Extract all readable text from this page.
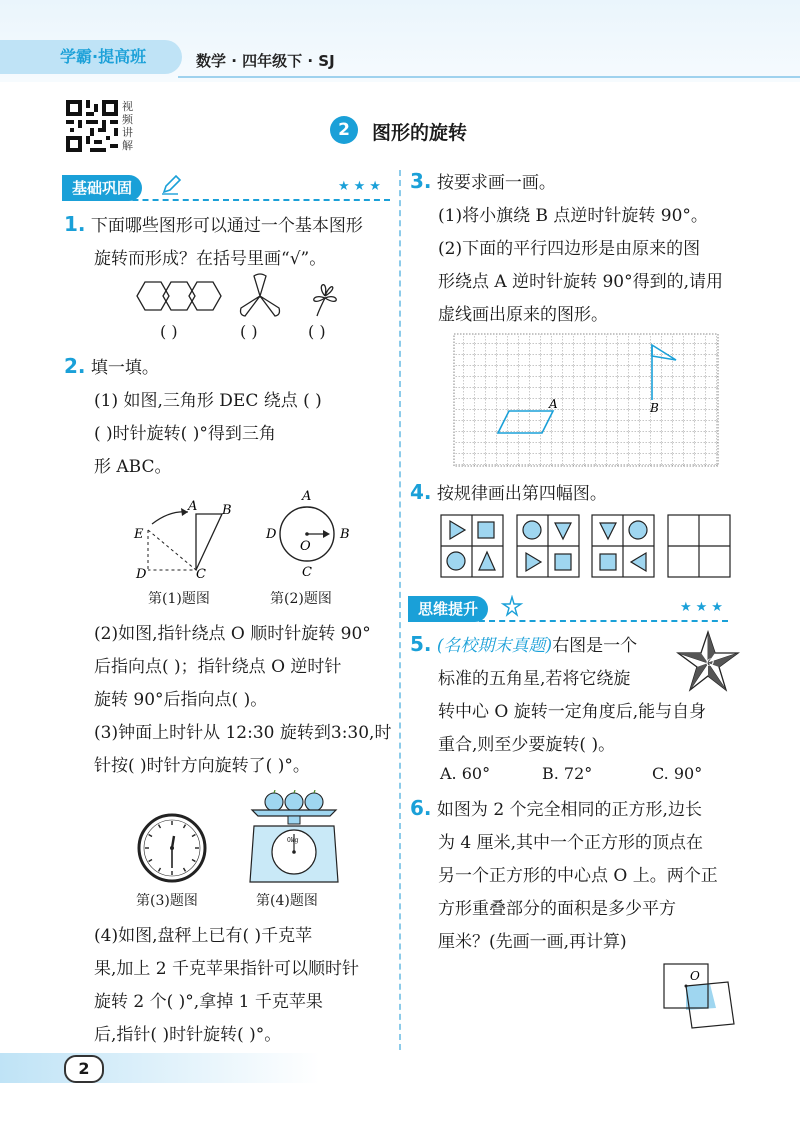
学霸·提高班	数学 · 四年级下 · SJ
视频讲解
2	图形的旋转
基础巩固	★★★
1. 下面哪些图形可以通过一个基本图形
旋转而形成？在括号里画“√”。
( )	( )	( )
2. 填一填。
(1) 如图,三角形 DEC 绕点 ( )
( )时针旋转( )°得到三角
形 ABC。
A B
C
D
E
A
B
C
D
O
第(1)题图	第(2)题图
(2)如图,指针绕点 O 顺时针旋转 90°
后指向点( )；指针绕点 O 逆时针
旋转 90°后指向点( )。
(3)钟面上时针从 12:30 旋转到3:30,时
针按( )时针方向旋转了( )°。
0kg
第(3)题图	第(4)题图
(4)如图,盘秤上已有( )千克苹
果,加上 2 千克苹果指针可以顺时针
旋转 2 个( )°,拿掉 1 千克苹果
后,指针( )时针旋转( )°。
3. 按要求画一画。
(1)将小旗绕 B 点逆时针旋转 90°。
(2)下面的平行四边形是由原来的图
形绕点 A 逆时针旋转 90°得到的,请用
虚线画出原来的图形。
A	B
4. 按规律画出第四幅图。
思维提升	★★★
5. (名校期末真题)右图是一个
标准的五角星,若将它绕旋
转中心 O 旋转一定角度后,能与自身
重合,则至少要旋转( )。
O
A. 60°	B. 72°	C. 90°
6. 如图为 2 个完全相同的正方形,边长
为 4 厘米,其中一个正方形的顶点在
另一个正方形的中心点 O 上。两个正
方形重叠部分的面积是多少平方
厘米？(先画一画,再计算)
O
2
